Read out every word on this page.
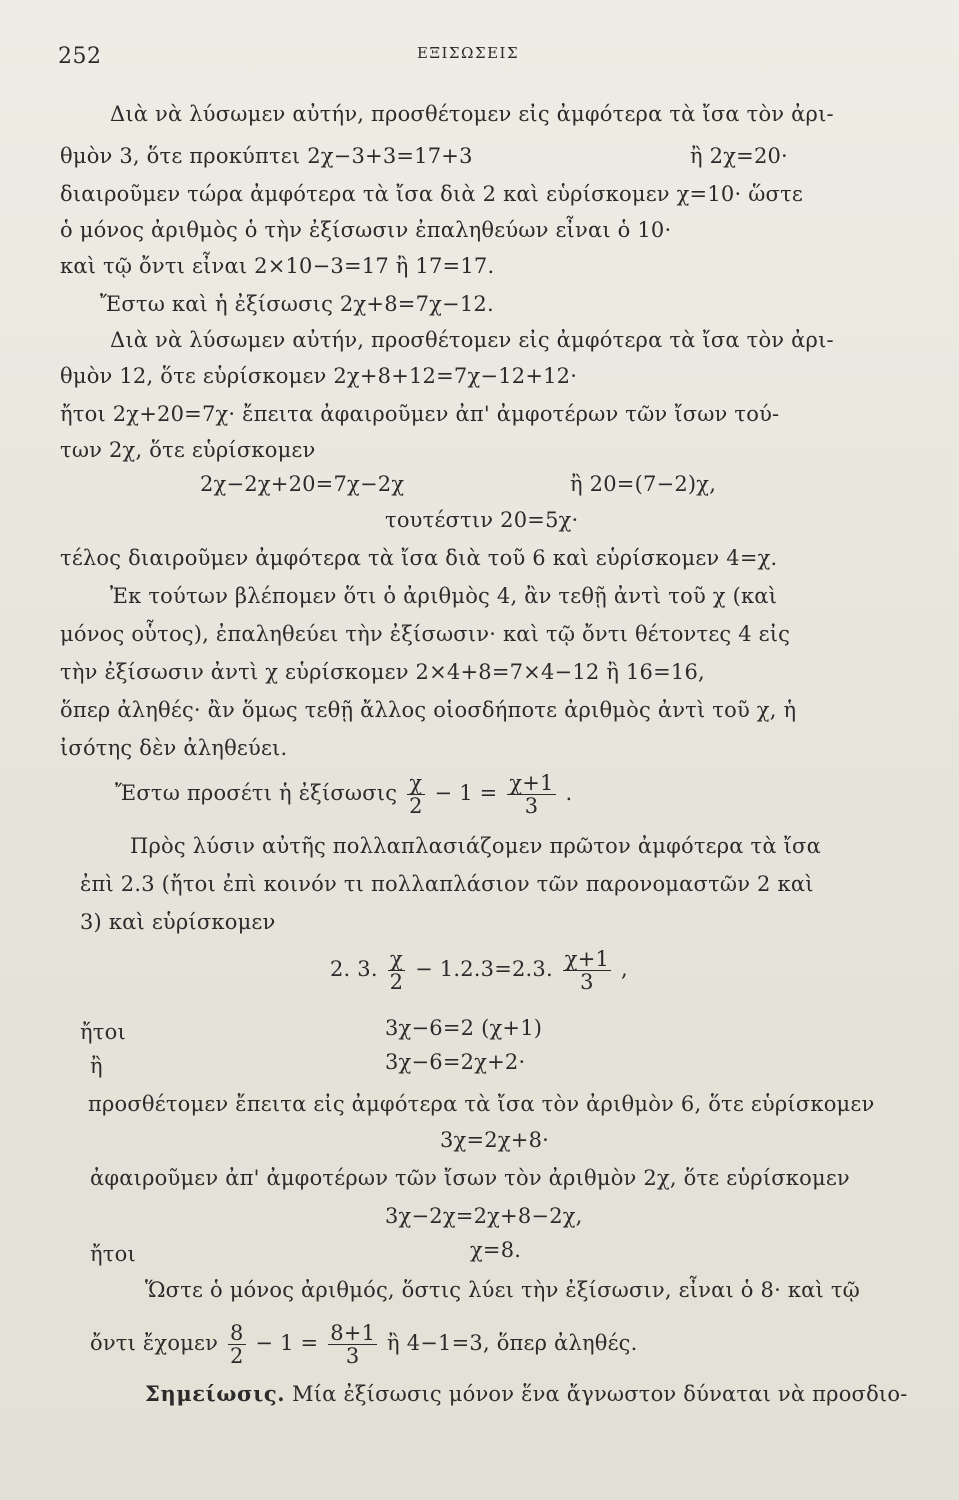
252	ΕΞΙΣΩΣΕΙΣ
Διὰ νὰ λύσωμεν αὐτήν, προσθέτομεν εἰς ἀμφότερα τὰ ἴσα τὸν ἀρι-
θμὸν 3, ὅτε προκύπτει 2χ−3+3=17+3	ἢ 2χ=20·
διαιροῦμεν τώρα ἀμφότερα τὰ ἴσα διὰ 2 καὶ εὑρίσκομεν χ=10· ὥστε
ὁ μόνος ἀριθμὸς ὁ τὴν ἐξίσωσιν ἐπαληθεύων εἶναι ὁ 10·
καὶ τῷ ὄντι εἶναι 2×10−3=17 ἢ 17=17.
Ἔστω καὶ ἡ ἐξίσωσις 2χ+8=7χ−12.
Διὰ νὰ λύσωμεν αὐτήν, προσθέτομεν εἰς ἀμφότερα τὰ ἴσα τὸν ἀρι-
θμὸν 12, ὅτε εὑρίσκομεν 2χ+8+12=7χ−12+12·
ἤτοι 2χ+20=7χ· ἔπειτα ἀφαιροῦμεν ἀπ' ἀμφοτέρων τῶν ἴσων τού-
των 2χ, ὅτε εὑρίσκομεν
2χ−2χ+20=7χ−2χ	ἢ 20=(7−2)χ,
τουτέστιν 20=5χ·
τέλος διαιροῦμεν ἀμφότερα τὰ ἴσα διὰ τοῦ 6 καὶ εὑρίσκομεν 4=χ.
Ἐκ τούτων βλέπομεν ὅτι ὁ ἀριθμὸς 4, ἂν τεθῇ ἀντὶ τοῦ χ (καὶ
μόνος οὗτος), ἐπαληθεύει τὴν ἐξίσωσιν· καὶ τῷ ὄντι θέτοντες 4 εἰς
τὴν ἐξίσωσιν ἀντὶ χ εὑρίσκομεν 2×4+8=7×4−12 ἢ 16=16,
ὅπερ ἀληθές· ἂν ὅμως τεθῇ ἄλλος οἱοσδήποτε ἀριθμὸς ἀντὶ τοῦ χ, ἡ
ἰσότης δὲν ἀληθεύει.
Ἔστω προσέτι ἡ ἐξίσωσις $\frac{\chi}{2} - 1 = \frac{\chi+1}{3}$ .
Πρὸς λύσιν αὐτῆς πολλαπλασιάζομεν πρῶτον ἀμφότερα τὰ ἴσα
ἐπὶ 2.3 (ἤτοι ἐπὶ κοινόν τι πολλαπλάσιον τῶν παρονομαστῶν 2 καὶ
3) καὶ εὑρίσκομεν
2. 3. $\frac{\chi}{2} - 1.2.3=2.3$. $\frac{\chi+1}{3}$ ,
ἤτοι	3χ−6=2 (χ+1)
ἢ	3χ−6=2χ+2·
προσθέτομεν ἔπειτα εἰς ἀμφότερα τὰ ἴσα τὸν ἀριθμὸν 6, ὅτε εὑρίσκομεν
3χ=2χ+8·
ἀφαιροῦμεν ἀπ' ἀμφοτέρων τῶν ἴσων τὸν ἀριθμὸν 2χ, ὅτε εὑρίσκομεν
3χ−2χ=2χ+8−2χ,
ἤτοι	χ=8.
Ὥστε ὁ μόνος ἀριθμός, ὅστις λύει τὴν ἐξίσωσιν, εἶναι ὁ 8· καὶ τῷ
ὄντι ἔχομεν $\frac{8}{2} - 1 = \frac{8+1}{3}$ ἢ 4−1=3, ὅπερ ἀληθές.
Σημείωσις. Μία ἐξίσωσις μόνον ἕνα ἄγνωστον δύναται νὰ προσδιο-
